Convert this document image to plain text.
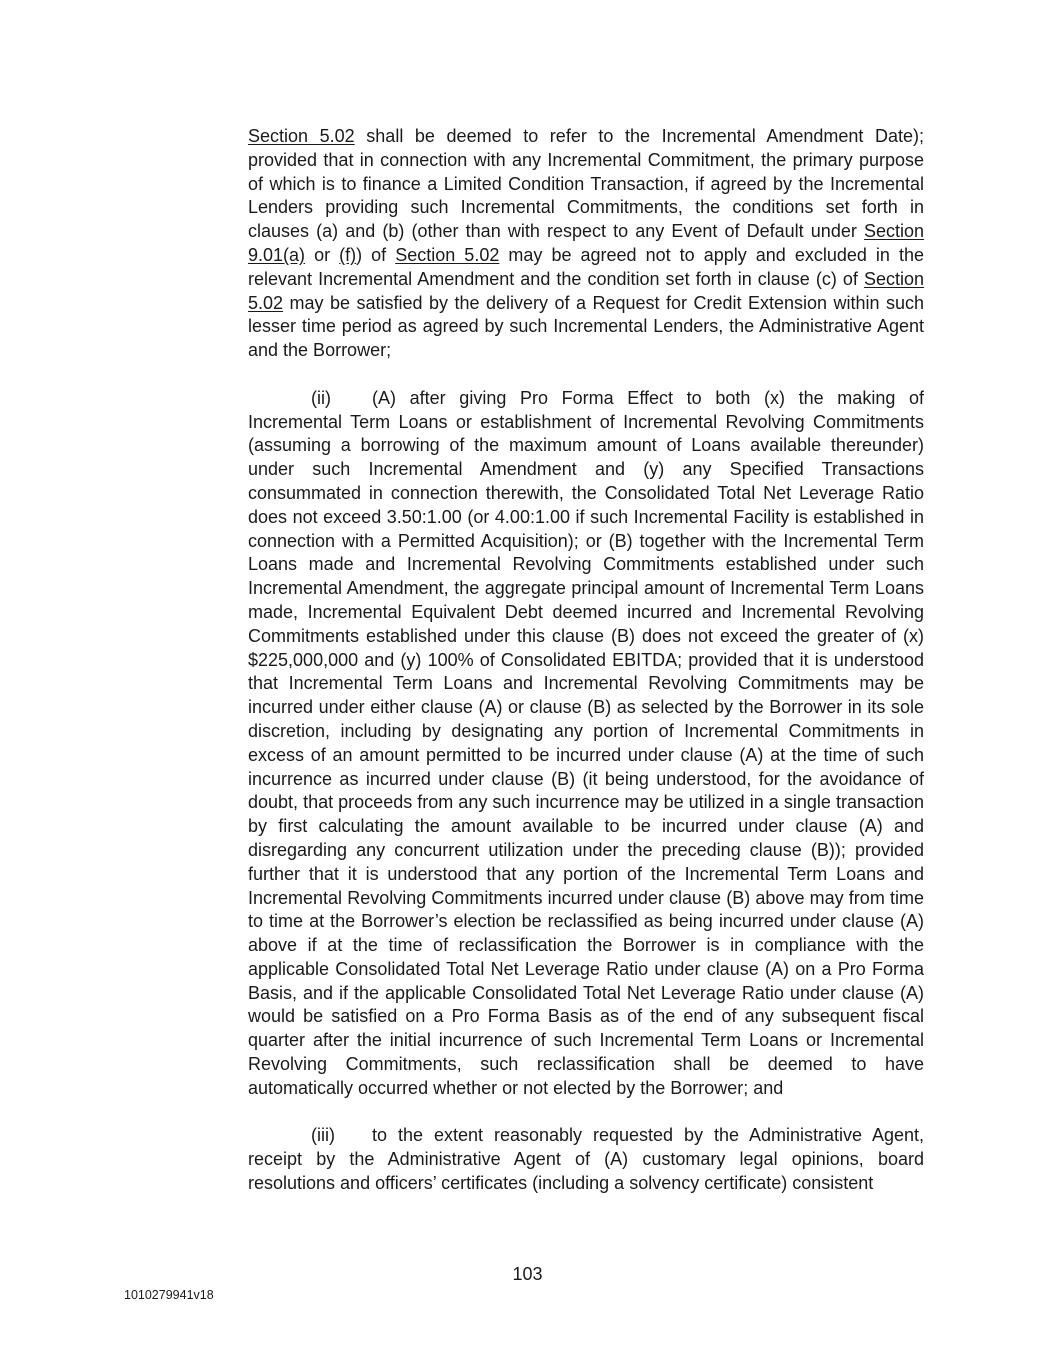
Section 5.02 shall be deemed to refer to the Incremental Amendment Date); provided that in connection with any Incremental Commitment, the primary purpose of which is to finance a Limited Condition Transaction, if agreed by the Incremental Lenders providing such Incremental Commitments, the conditions set forth in clauses (a) and (b) (other than with respect to any Event of Default under Section 9.01(a) or (f)) of Section 5.02 may be agreed not to apply and excluded in the relevant Incremental Amendment and the condition set forth in clause (c) of Section 5.02 may be satisfied by the delivery of a Request for Credit Extension within such lesser time period as agreed by such Incremental Lenders, the Administrative Agent and the Borrower;

(ii) (A) after giving Pro Forma Effect to both (x) the making of Incremental Term Loans or establishment of Incremental Revolving Commitments (assuming a borrowing of the maximum amount of Loans available thereunder) under such Incremental Amendment and (y) any Specified Transactions consummated in connection therewith, the Consolidated Total Net Leverage Ratio does not exceed 3.50:1.00 (or 4.00:1.00 if such Incremental Facility is established in connection with a Permitted Acquisition); or (B) together with the Incremental Term Loans made and Incremental Revolving Commitments established under such Incremental Amendment, the aggregate principal amount of Incremental Term Loans made, Incremental Equivalent Debt deemed incurred and Incremental Revolving Commitments established under this clause (B) does not exceed the greater of (x) $225,000,000 and (y) 100% of Consolidated EBITDA; provided that it is understood that Incremental Term Loans and Incremental Revolving Commitments may be incurred under either clause (A) or clause (B) as selected by the Borrower in its sole discretion, including by designating any portion of Incremental Commitments in excess of an amount permitted to be incurred under clause (A) at the time of such incurrence as incurred under clause (B) (it being understood, for the avoidance of doubt, that proceeds from any such incurrence may be utilized in a single transaction by first calculating the amount available to be incurred under clause (A) and disregarding any concurrent utilization under the preceding clause (B)); provided further that it is understood that any portion of the Incremental Term Loans and Incremental Revolving Commitments incurred under clause (B) above may from time to time at the Borrower’s election be reclassified as being incurred under clause (A) above if at the time of reclassification the Borrower is in compliance with the applicable Consolidated Total Net Leverage Ratio under clause (A) on a Pro Forma Basis, and if the applicable Consolidated Total Net Leverage Ratio under clause (A) would be satisfied on a Pro Forma Basis as of the end of any subsequent fiscal quarter after the initial incurrence of such Incremental Term Loans or Incremental Revolving Commitments, such reclassification shall be deemed to have automatically occurred whether or not elected by the Borrower; and

(iii) to the extent reasonably requested by the Administrative Agent, receipt by the Administrative Agent of (A) customary legal opinions, board resolutions and officers’ certificates (including a solvency certificate) consistent

103
1010279941v18
